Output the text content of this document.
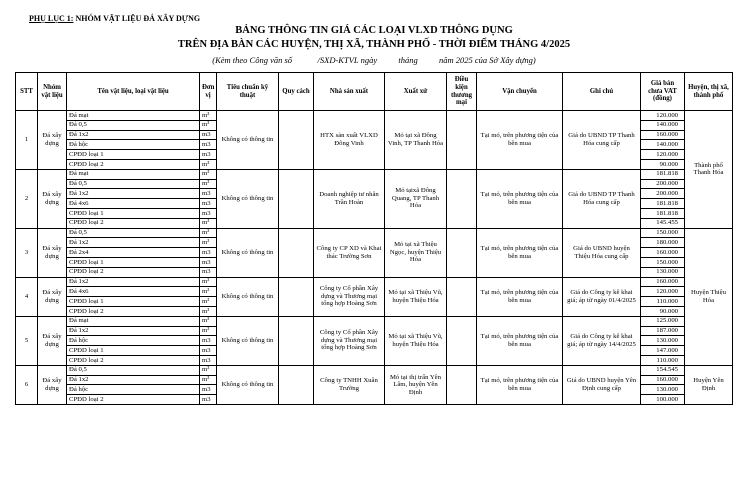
PHỤ LỤC 1: NHÓM VẬT LIỆU ĐÁ XÂY DỰNG
BẢNG THÔNG TIN GIÁ CÁC LOẠI VLXD THÔNG DỤNG
TRÊN ĐỊA BÀN CÁC HUYỆN, THỊ XÃ, THÀNH PHỐ - THỜI ĐIỂM THÁNG 4/2025
(Kèm theo Công văn số	/SXD-KTVL ngày	tháng	năm 2025 của Sở Xây dựng)
STT	Nhóm vật liệu	Tên vật liệu, loại vật liệu	Đơn vị	Tiêu chuẩn kỹ thuật	Quy cách	Nhà sản xuất	Xuất xứ	Điều kiện thương mại	Vận chuyển	Ghi chú	Giá bán chưa VAT (đồng)	Huyện, thị xã, thành phố
1	Đá xây dựng	Đá mạt	m³	Không có thông tin		HTX sản xuất VLXD Đông Vinh	Mỏ tại xã Đông Vinh, TP Thanh Hóa		Tại mỏ, trên phương tiện của bên mua	Giá do UBND TP Thanh Hóa cung cấp	120.000	Thành phố Thanh Hóa
		Đá 0,5	m³								140.000	
		Đá 1x2	m3								160.000	
		Đá hộc	m3								140.000	
		CPĐD loại 1	m3								120.000	
		CPĐD loại 2	m³								90.000	
2	Đá xây dựng	Đá mạt	m³	Không có thông tin		Doanh nghiệp tư nhân Trần Hoàn	Mỏ tạixã Đông Quang, TP Thanh Hóa		Tại mỏ, trên phương tiện của bên mua	Giá do UBND TP Thanh Hóa cung cấp	181.818	
		Đá 0,5	m³								200.000	
		Đá 1x2	m3								200.000	
		Đá 4x6	m3								181.818	
		CPĐD loại 1	m3								181.818	
		CPĐD loại 2	m³								145.455	
3	Đá xây dựng	Đá 0,5	m³	Không có thông tin		Công ty CP XD và Khai thác Trường Sơn	Mỏ tại xã Thiệu Ngọc, huyện Thiệu Hóa		Tại mỏ, trên phương tiện của bên mua	Giá do UBND huyện Thiệu Hóa cung cấp	150.000	Huyện Thiệu Hóa
		Đá 1x2	m³								180.000	
		Đá 2x4	m3								160.000	
		CPĐD loại 1	m3								150.000	
		CPĐD loại 2	m3								130.000	
4	Đá xây dựng	Đá 1x2	m³	Không có thông tin		Công ty Cổ phần Xây dựng và Thương mại tổng hợp Hoàng Sơn	Mỏ tại xã Thiệu Vũ, huyện Thiệu Hóa		Tại mỏ, trên phương tiện của bên mua	Giá do Công ty kê khai giá; áp từ ngày 01/4/2025	160.000	
		Đá 4x6	m³								120.000	
		CPĐD loại 1	m³								110.000	
		CPĐD loại 2	m³								90.000	
5	Đá xây dựng	Đá mạt	m³	Không có thông tin		Công ty Cổ phần Xây dựng và Thương mại tổng hợp Hoàng Sơn	Mỏ tại xã Thiệu Vũ, huyện Thiệu Hóa		Tại mỏ, trên phương tiện của bên mua	Giá do Công ty kê khai giá; áp từ ngày 14/4/2025	125.000	
		Đá 1x2	m³								187.000	
		Đá hộc	m3								130.000	
		CPĐD loại 1	m3								147.000	
		CPĐD loại 2	m3								110.000	
6	Đá xây dựng	Đá 0,5	m³	Không có thông tin		Công ty TNHH Xuân Trường	Mỏ tại thị trấn Yên Lâm, huyện Yên Định		Tại mỏ, trên phương tiện của bên mua	Giá do UBND huyện Yên Định cung cấp	154.545	Huyện Yên Định
		Đá 1x2	m³								160.000	
		Đá hộc	m3								130.000	
		CPĐD loại 2	m3								100.000	
